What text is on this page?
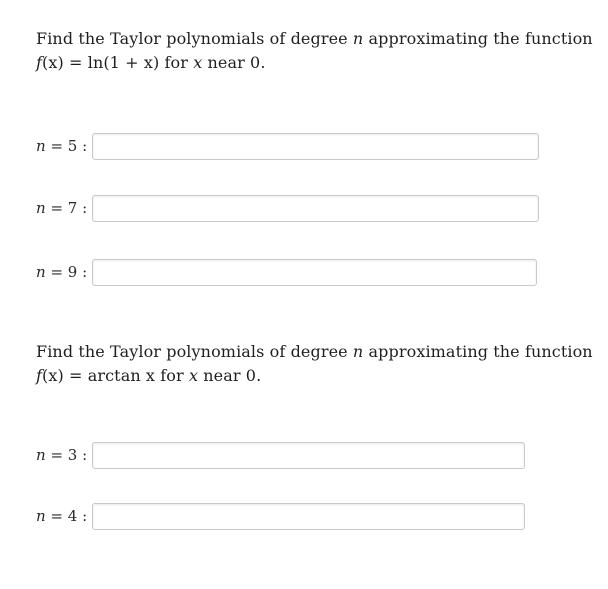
Find the Taylor polynomials of degree n approximating the function
f(x) = ln(1 + x) for x near 0.
n = 5 :
n = 7 :
n = 9 :
Find the Taylor polynomials of degree n approximating the function
f(x) = arctan x for x near 0.
n = 3 :
n = 4 :
